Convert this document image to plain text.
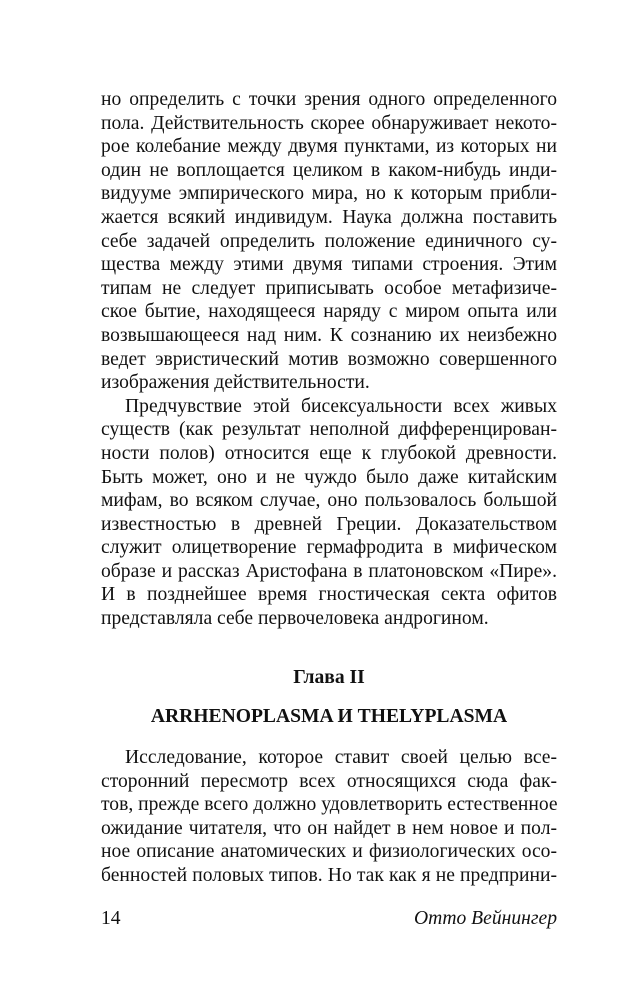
но определить с точки зрения одного определенного
пола. Действительность скорее обнаруживает некото-
рое колебание между двумя пунктами, из которых ни
один не воплощается целиком в каком-нибудь инди-
видууме эмпирического мира, но к которым прибли-
жается всякий индивидум. Наука должна поставить
себе задачей определить положение единичного су-
щества между этими двумя типами строения. Этим
типам не следует приписывать особое метафизиче-
ское бытие, находящееся наряду с миром опыта или
возвышающееся над ним. К сознанию их неизбежно
ведет эвристический мотив возможно совершенного
изображения действительности.
Предчувствие этой бисексуальности всех живых
существ (как результат неполной дифференцирован-
ности полов) относится еще к глубокой древности.
Быть может, оно и не чуждо было даже китайским
мифам, во всяком случае, оно пользовалось большой
известностью в древней Греции. Доказательством
служит олицетворение гермафродита в мифическом
образе и рассказ Аристофана в платоновском «Пире».
И в позднейшее время гностическая секта офитов
представляла себе первочеловека андрогином.
Глава II
ARRHENOPLASMA И THELYPLASMA
Исследование, которое ставит своей целью все-
сторонний пересмотр всех относящихся сюда фак-
тов, прежде всего должно удовлетворить естественное
ожидание читателя, что он найдет в нем новое и пол-
ное описание анатомических и физиологических осо-
бенностей половых типов. Но так как я не предприни-
14	Отто Вейнингер
